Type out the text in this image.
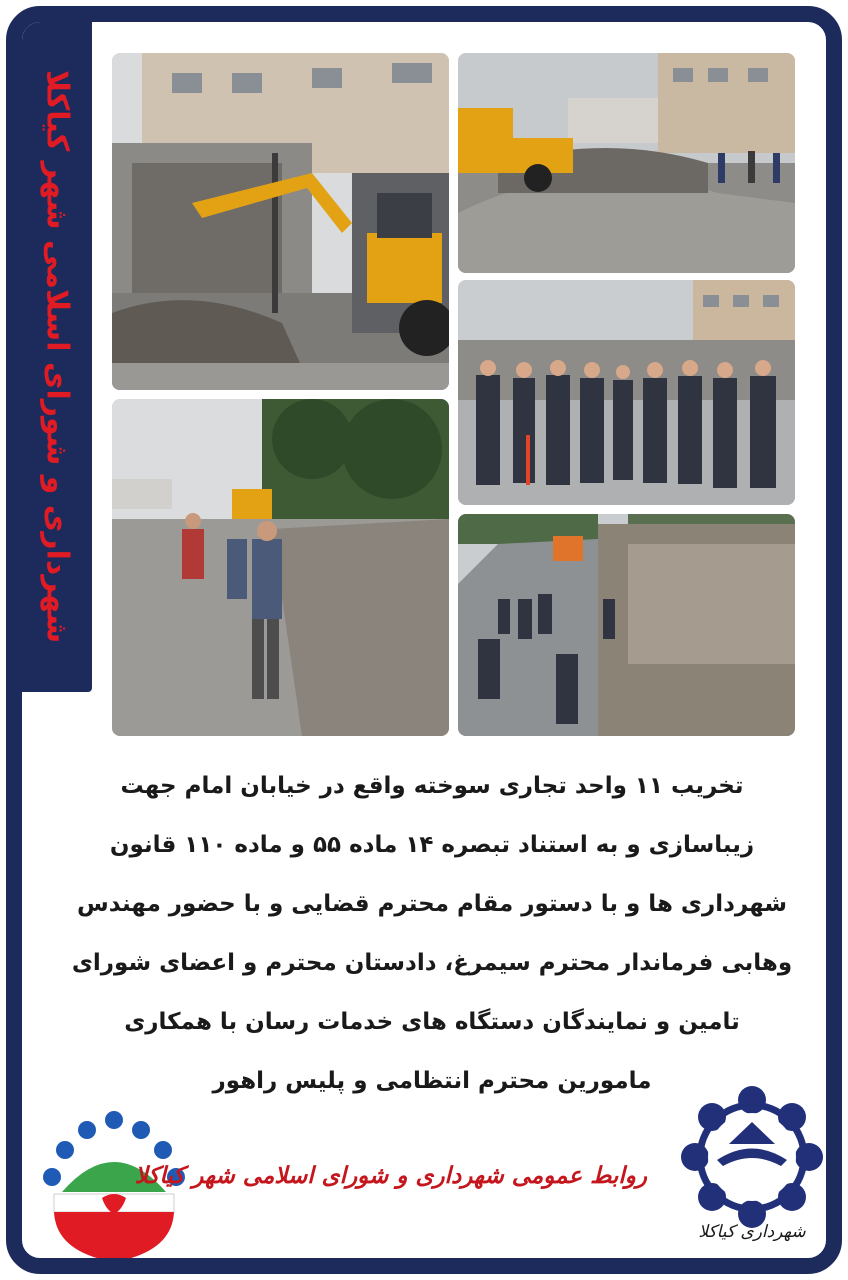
شهرداری و شورای اسلامی شهر کیاکلا

تخریب ۱۱ واحد تجاری سوخته واقع در خیابان امام جهت

زیباسازی و به استناد تبصره ۱۴ ماده ۵۵ و ماده ۱۱۰ قانون

شهرداری ها و با دستور مقام محترم قضایی و با حضور مهندس

وهابی فرماندار محترم سیمرغ، دادستان محترم و اعضای شورای

تامین و نمایندگان دستگاه های خدمات رسان با همکاری

مامورین محترم انتظامی و پلیس راهور

روابط عمومی شهرداری و شورای اسلامی شهر کیاکلا
شهرداری کیاکلا
